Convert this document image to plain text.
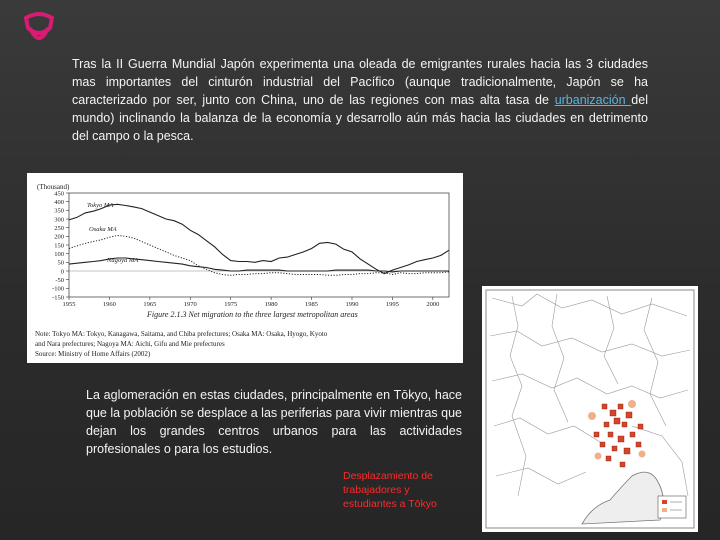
Tras la II Guerra Mundial Japón experimenta una oleada de emigrantes rurales hacia las 3 ciudades mas importantes del cinturón industrial del Pacífico (aunque tradicionalmente, Japón se ha caracterizado por ser, junto con China, uno de las regiones con mas alta tasa de urbanización del mundo) inclinando la balanza de la economía y desarrollo aún más hacia las ciudades en detrimento del campo o la pesca.
(Thousand)
-150
-100
-50
0
50
100
150
200
250
300
350
400
450
1955	1960	1965	1970	1975	1980	1985	1990	1995	2000
Tokyo MA
Osaka MA
Nagoya MA
Figure 2.1.3 Net migration to the three largest metropolitan areas
Note: Tokyo MA: Tokyo, Kanagawa, Saitama, and Chiba prefectures; Osaka MA: Osaka, Hyogo, Kyoto
and Nara prefectures; Nagoya MA: Aichi, Gifu and Mie prefectures
Source: Ministry of Home Affairs (2002)
La aglomeración en estas ciudades, principalmente en Tōkyo, hace que la población se desplace a las periferias para vivir mientras que dejan los grandes centros urbanos para las actividades profesionales o para los estudios.
Desplazamiento de trabajadores y estudiantes a Tōkyo
